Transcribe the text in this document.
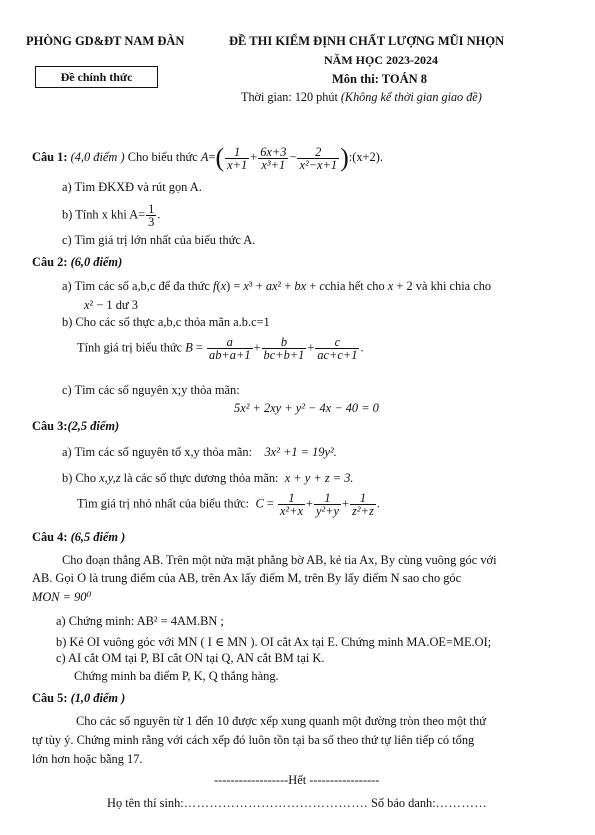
PHÒNG GD&ĐT NAM ĐÀN	ĐỀ THI KIỂM ĐỊNH CHẤT LƯỢNG MŨI NHỌN
NĂM HỌC 2023-2024
Đề chính thức	Môn thi: TOÁN 8
Thời gian: 120 phút (Không kể thời gian giao đề)
Câu 1: (4,0 điểm ) Cho biểu thức $A=( \frac{1}{x+1} + \frac{6x+3}{\text{x³+1}} - \frac{2}{\text{x²−x+1}}$ ):(x+2).
a) Tìm ĐKXĐ và rút gọn A.
b) Tính x khi $A= \frac{1}{3}$ .
c) Tìm giá trị lớn nhất của biểu thức A.
Câu 2: (6,0 điểm)
a) Tìm các số a,b,c để đa thức f(x) = x³ + ax² + bx + cchia hết cho x + 2 và khi chia cho
x² − 1 dư 3
b) Cho các số thực a,b,c thỏa mãn a.b.c=1
Tính giá trị biểu thức $B = \frac{a}{ab+a+1} + \frac{b}{bc+b+1} + \frac{c}{ac+c+1}$ .
c) Tìm các số nguyên x;y thỏa mãn:
5x² + 2xy + y² − 4x − 40 = 0
Câu 3:(2,5 điểm)
a) Tìm các số nguyên tố x,y thỏa mãn: 3x² +1 = 19y².
b) Cho x,y,z là các số thực dương thỏa mãn: x + y + z = 3.
Tìm giá trị nhỏ nhất của biểu thức: $C = \frac{1}{\text{x²+x}} + \frac{1}{\text{y²+y}} + \frac{1}{\text{z²+z}}$ .
Câu 4: (6,5 điểm )
Cho đoạn thẳng AB. Trên một nửa mặt phẳng bờ AB, kẻ tia Ax, By cùng vuông góc với
AB. Gọi O là trung điểm của AB, trên Ax lấy điểm M, trên By lấy điểm N sao cho góc
MON = 90⁰
a) Chứng minh: AB² = 4AM.BN ;
b) Kẻ OI vuông góc với MN ( I ∈ MN ). OI cắt Ax tại E. Chứng minh MA.OE=ME.OI;
c) AI cắt OM tại P, BI cắt ON tại Q, AN cắt BM tại K.
Chứng minh ba điểm P, K, Q thẳng hàng.
Câu 5: (1,0 điểm )
Cho các số nguyên từ 1 đến 10 được xếp xung quanh một đường tròn theo một thứ
tự tùy ý. Chứng minh rằng với cách xếp đó luôn tồn tại ba số theo thứ tự liên tiếp có tổng
lớn hơn hoặc bằng 17.
------------------Hết -----------------
Họ tên thí sinh:……………………………………. Số báo danh:…………
